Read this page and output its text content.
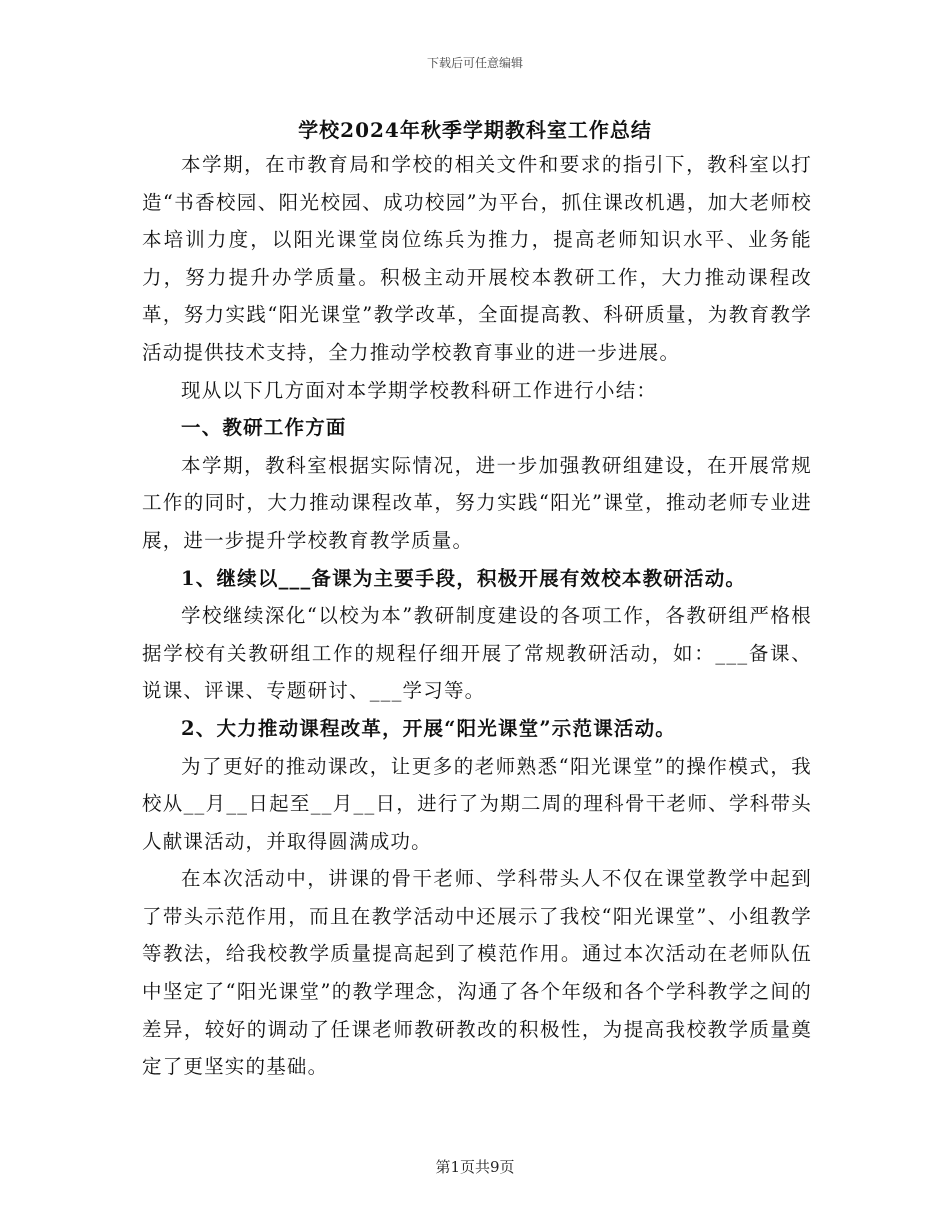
下载后可任意编辑
学校2024年秋季学期教科室工作总结

本学期，在市教育局和学校的相关文件和要求的指引下，教科室以打造“书香校园、阳光校园、成功校园”为平台，抓住课改机遇，加大老师校本培训力度，以阳光课堂岗位练兵为推力，提高老师知识水平、业务能力，努力提升办学质量。积极主动开展校本教研工作，大力推动课程改革，努力实践“阳光课堂”教学改革，全面提高教、科研质量，为教育教学活动提供技术支持，全力推动学校教育事业的进一步进展。

现从以下几方面对本学期学校教科研工作进行小结：

一、教研工作方面

本学期，教科室根据实际情况，进一步加强教研组建设，在开展常规工作的同时，大力推动课程改革，努力实践“阳光”课堂，推动老师专业进展，进一步提升学校教育教学质量。

1、继续以___备课为主要手段，积极开展有效校本教研活动。

学校继续深化“以校为本”教研制度建设的各项工作，各教研组严格根据学校有关教研组工作的规程仔细开展了常规教研活动，如：___备课、说课、评课、专题研讨、___学习等。

2、大力推动课程改革，开展“阳光课堂”示范课活动。

为了更好的推动课改，让更多的老师熟悉“阳光课堂”的操作模式，我校从__月__日起至__月__日，进行了为期二周的理科骨干老师、学科带头人献课活动，并取得圆满成功。

在本次活动中，讲课的骨干老师、学科带头人不仅在课堂教学中起到了带头示范作用，而且在教学活动中还展示了我校“阳光课堂”、小组教学等教法，给我校教学质量提高起到了模范作用。通过本次活动在老师队伍中坚定了“阳光课堂”的教学理念，沟通了各个年级和各个学科教学之间的差异，较好的调动了任课老师教研教改的积极性，为提高我校教学质量奠定了更坚实的基础。

第1页共9页
